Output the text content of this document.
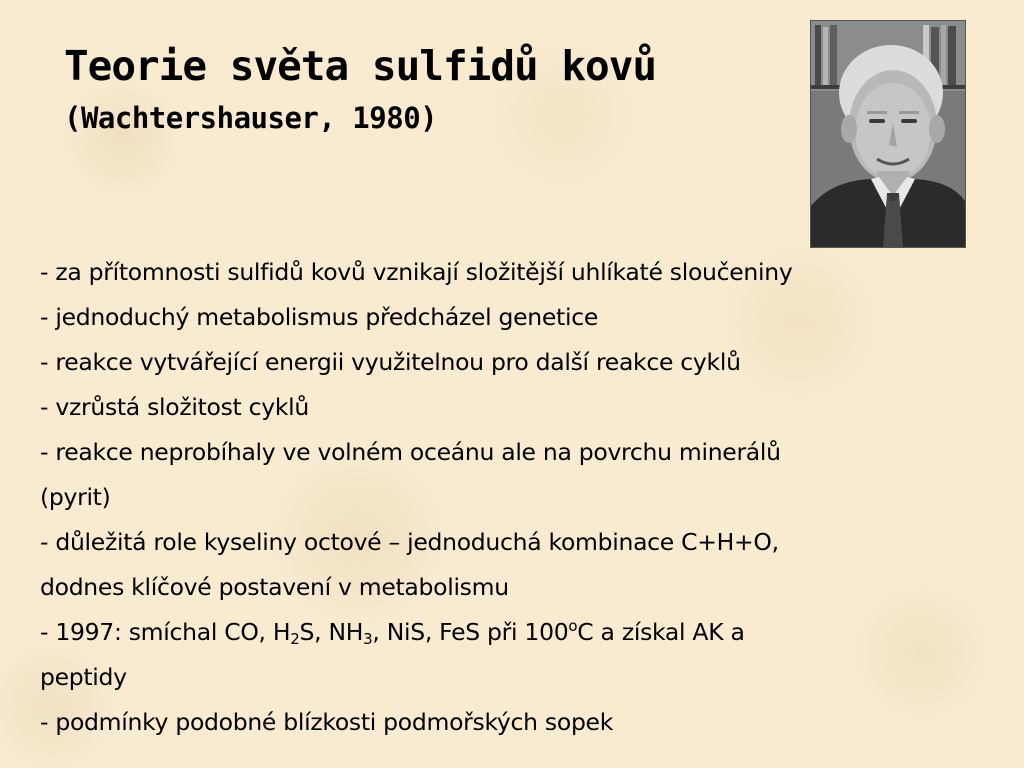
Teorie světa sulfidů kovů
(Wachtershauser, 1980)
- za přítomnosti sulfidů kovů vznikají složitější uhlíkaté sloučeniny
- jednoduchý metabolismus předcházel genetice
- reakce vytvářející energii využitelnou pro další reakce cyklů
- vzrůstá složitost cyklů
- reakce neprobíhaly ve volném oceánu ale na povrchu minerálů
(pyrit)
- důležitá role kyseliny octové – jednoduchá kombinace C+H+O,
dodnes klíčové postavení v metabolismu
- 1997: smíchal CO, $H_2S$, $NH_3$, NiS, FeS při 100$^o$C a získal AK a
peptidy
- podmínky podobné blízkosti podmořských sopek
